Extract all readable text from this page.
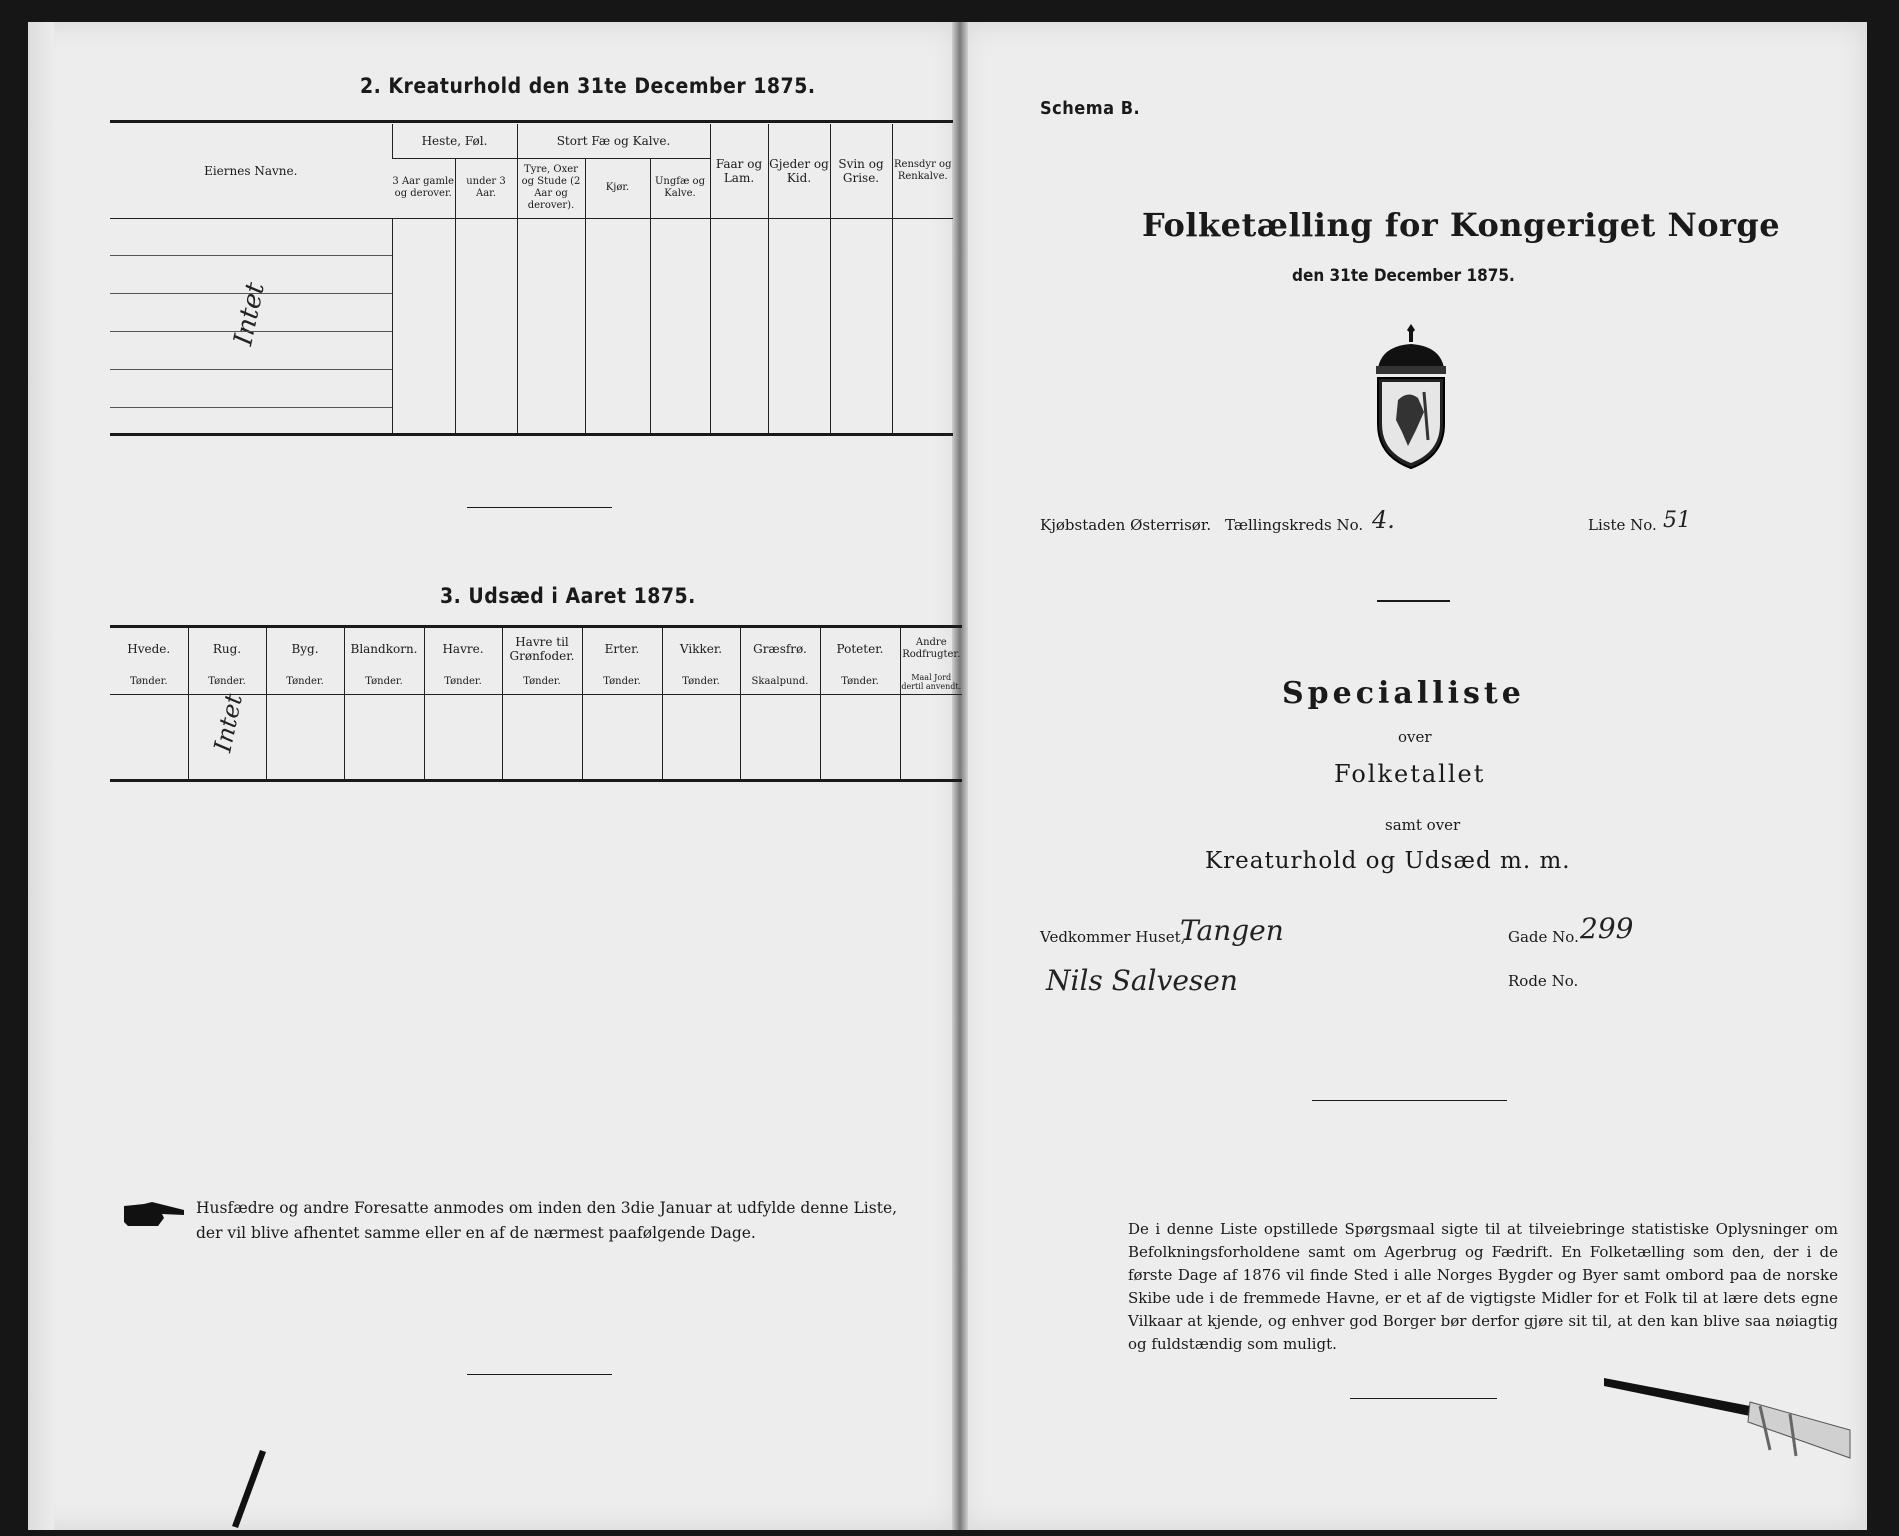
2. Kreaturhold den 31te December 1875.
Eiernes Navne.	Heste, Føl.		Stort Fæ og Kalve.			Faar og Lam.	Gjeder og Kid.	Svin og Grise.	Rensdyr og Renkalve.
	3 Aar gamle og derover.	under 3 Aar.	Tyre, Oxer og Stude (2 Aar og derover).	Kjør.	Ungfæ og Kalve.				

Intet									

3. Udsæd i Aaret 1875.
Hvede.	Rug.	Byg.	Blandkorn.	Havre.	Havre til Grønfoder.	Erter.	Vikker.	Græsfrø.	Poteter.	Andre Rodfrugter.
Tønder.	Tønder.	Tønder.	Tønder.	Tønder.	Tønder.	Tønder.	Tønder.	Skaalpund.	Tønder.	Maal Jord dertil anvendt.

	Intet									

Husfædre og andre Foresatte anmodes om inden den 3die Januar at udfylde denne Liste, der vil blive afhentet samme eller en af de nærmest paafølgende Dage.
Schema B.
Folketælling for Kongeriget Norge
den 31te December 1875.
Kjøbstaden Østerrisør. Tællingskreds No. 4.	Liste No. 51
Specialliste
over
Folketallet
samt over
Kreaturhold og Udsæd m. m.
Vedkommer Huset,
Tangen	Gade No. 299
Nils Salvesen	Rode No.
De i denne Liste opstillede Spørgsmaal sigte til at tilveiebringe statistiske Oplysninger om Befolkningsforholdene samt om Agerbrug og Fædrift. En Folketælling som den, der i de første Dage af 1876 vil finde Sted i alle Norges Bygder og Byer samt ombord paa de norske Skibe ude i de fremmede Havne, er et af de vigtigste Midler for et Folk til at lære dets egne Vilkaar at kjende, og enhver god Borger bør derfor gjøre sit til, at den kan blive saa nøiagtig og fuldstændig som muligt.
